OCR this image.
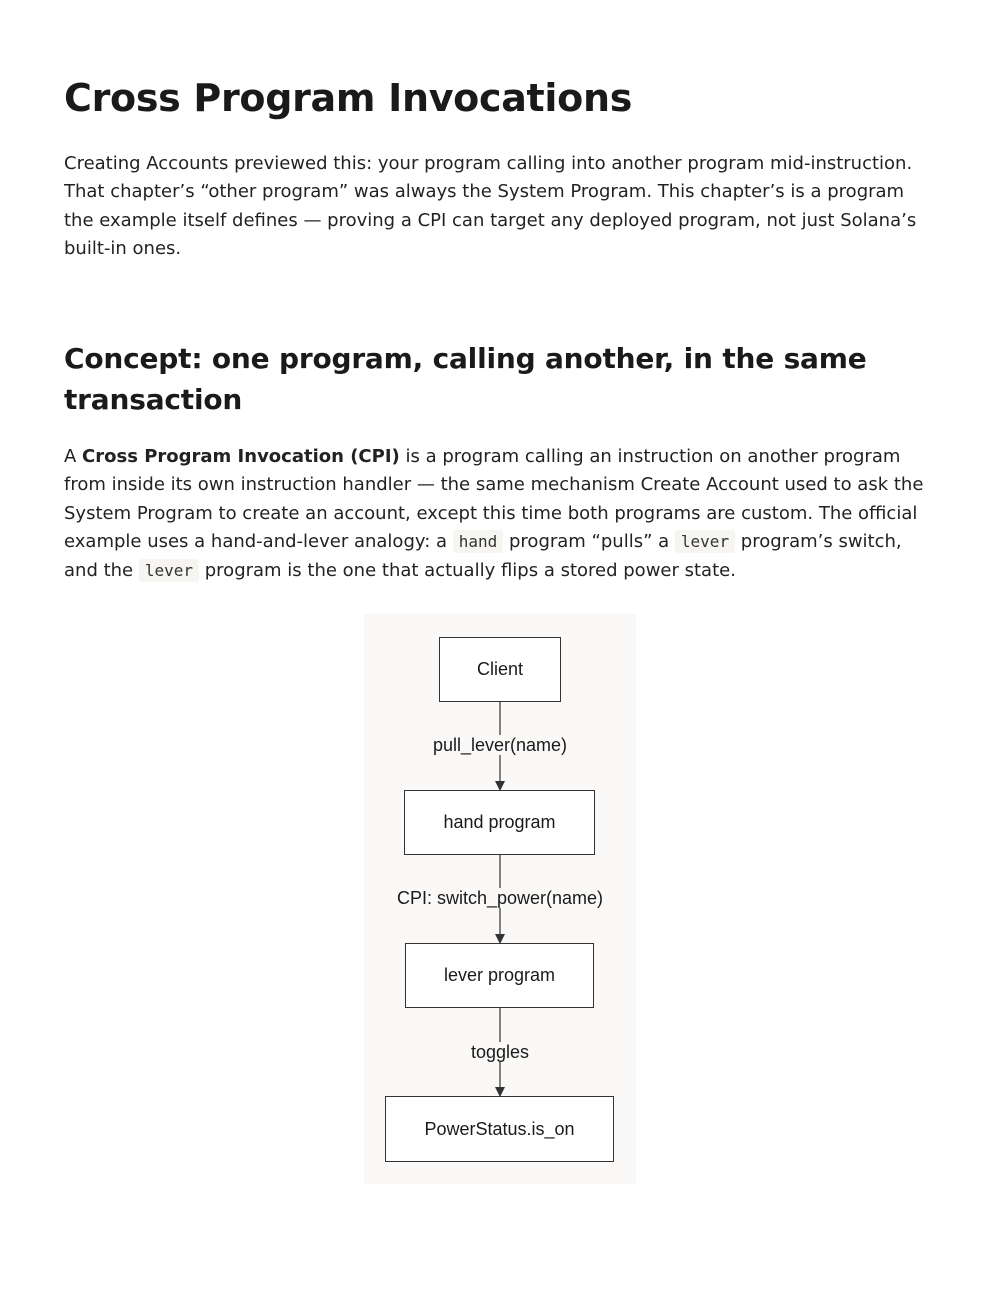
Cross Program Invocations

Creating Accounts previewed this: your program calling into another program mid-instruction. That chapter’s “other program” was always the System Program. This chapter’s is a program the example itself defines — proving a CPI can target any deployed program, not just Solana’s built-in ones.

Concept: one program, calling another, in the same transaction

A Cross Program Invocation (CPI) is a program calling an instruction on another program from inside its own instruction handler — the same mechanism Create Account used to ask the System Program to create an account, except this time both programs are custom. The official example uses a hand-and-lever analogy: a hand program “pulls” a lever program’s switch, and the lever program is the one that actually flips a stored power state.

Client
pull_lever(name)
hand program
CPI: switch_power(name)
lever program
toggles
PowerStatus.is_on
